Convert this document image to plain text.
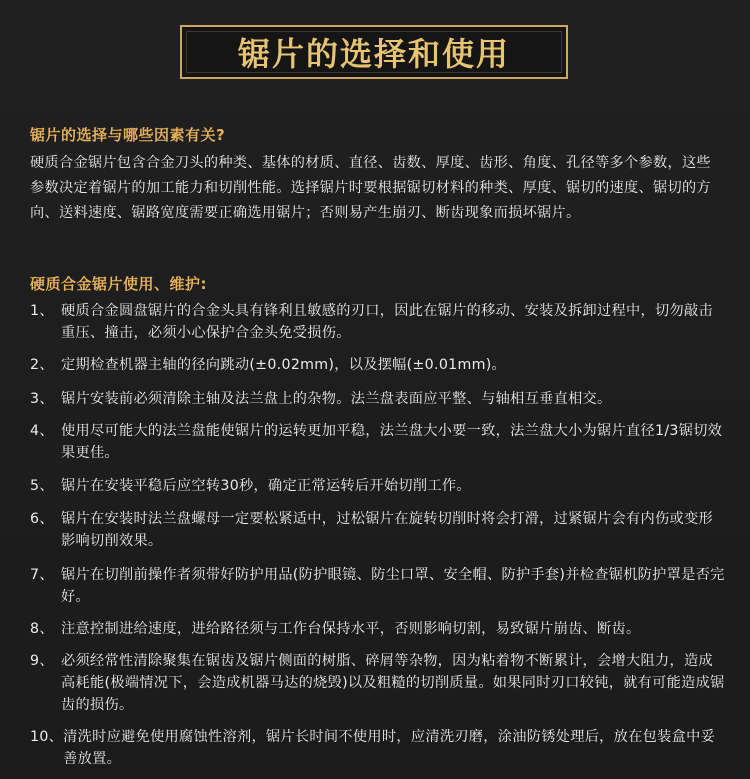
锯片的选择和使用
锯片的选择与哪些因素有关?
硬质合金锯片包含合金刀头的种类、基体的材质、直径、齿数、厚度、齿形、角度、孔径等多个参数，这些参数决定着锯片的加工能力和切削性能。选择锯片时要根据锯切材料的种类、厚度、锯切的速度、锯切的方向、送料速度、锯路宽度需要正确选用锯片；否则易产生崩刃、断齿现象而损坏锯片。
硬质合金锯片使用、维护:
1、 硬质合金圆盘锯片的合金头具有锋利且敏感的刃口，因此在锯片的移动、安装及拆卸过程中，切勿敲击重压、撞击，必须小心保护合金头免受损伤。
2、 定期检查机器主轴的径向跳动(±0.02mm)，以及摆幅(±0.01mm)。
3、 锯片安装前必须清除主轴及法兰盘上的杂物。法兰盘表面应平整、与轴相互垂直相交。
4、 使用尽可能大的法兰盘能使锯片的运转更加平稳，法兰盘大小要一致，法兰盘大小为锯片直径1/3锯切效果更佳。
5、 锯片在安装平稳后应空转30秒，确定正常运转后开始切削工作。
6、 锯片在安装时法兰盘螺母一定要松紧适中，过松锯片在旋转切削时将会打滑，过紧锯片会有内伤或变形影响切削效果。
7、 锯片在切削前操作者须带好防护用品(防护眼镜、防尘口罩、安全帽、防护手套)并检查锯机防护罩是否完好。
8、 注意控制进给速度，进给路径须与工作台保持水平，否则影响切割，易致锯片崩齿、断齿。
9、 必须经常性清除聚集在锯齿及锯片侧面的树脂、碎屑等杂物，因为粘着物不断累计，会增大阻力，造成高耗能(极端情况下，会造成机器马达的烧毁)以及粗糙的切削质量。如果同时刃口较钝，就有可能造成锯齿的损伤。
10、 清洗时应避免使用腐蚀性溶剂，锯片长时间不使用时，应清洗刃磨，涂油防锈处理后，放在包装盒中妥善放置。
